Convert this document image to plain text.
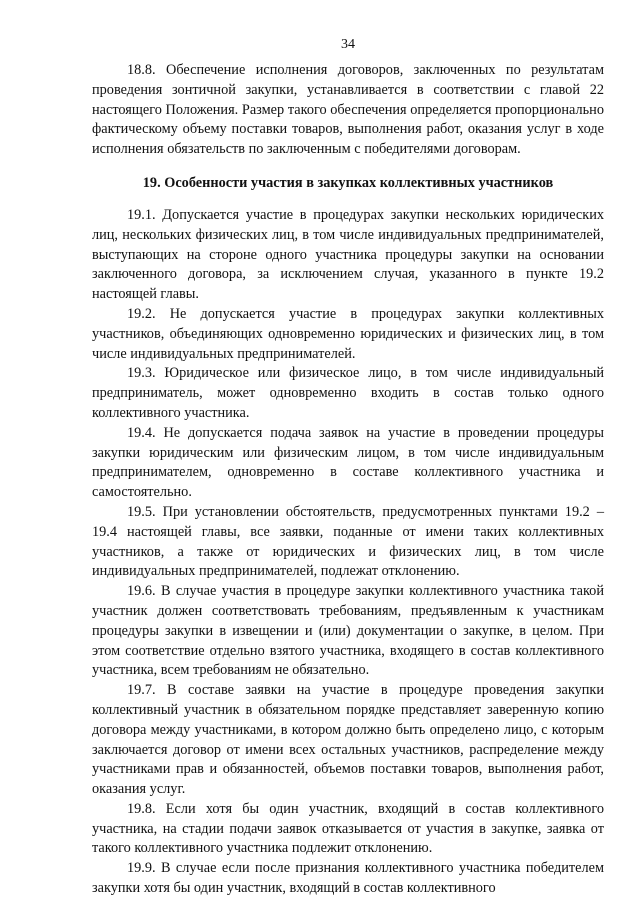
34

18.8. Обеспечение исполнения договоров, заключенных по результатам проведения зонтичной закупки, устанавливается в соответствии с главой 22 настоящего Положения. Размер такого обеспечения определяется пропорционально фактическому объему поставки товаров, выполнения работ, оказания услуг в ходе исполнения обязательств по заключенным с победителями договорам.

19. Особенности участия в закупках коллективных участников

19.1. Допускается участие в процедурах закупки нескольких юридических лиц, нескольких физических лиц, в том числе индивидуальных предпринимателей, выступающих на стороне одного участника процедуры закупки на основании заключенного договора, за исключением случая, указанного в пункте 19.2 настоящей главы.

19.2. Не допускается участие в процедурах закупки коллективных участников, объединяющих одновременно юридических и физических лиц, в том числе индивидуальных предпринимателей.

19.3. Юридическое или физическое лицо, в том числе индивидуальный предприниматель, может одновременно входить в состав только одного коллективного участника.

19.4. Не допускается подача заявок на участие в проведении процедуры закупки юридическим или физическим лицом, в том числе индивидуальным предпринимателем, одновременно в составе коллективного участника и самостоятельно.

19.5. При установлении обстоятельств, предусмотренных пунктами 19.2 – 19.4 настоящей главы, все заявки, поданные от имени таких коллективных участников, а также от юридических и физических лиц, в том числе индивидуальных предпринимателей, подлежат отклонению.

19.6. В случае участия в процедуре закупки коллективного участника такой участник должен соответствовать требованиям, предъявленным к участникам процедуры закупки в извещении и (или) документации о закупке, в целом. При этом соответствие отдельно взятого участника, входящего в состав коллективного участника, всем требованиям не обязательно.

19.7. В составе заявки на участие в процедуре проведения закупки коллективный участник в обязательном порядке представляет заверенную копию договора между участниками, в котором должно быть определено лицо, с которым заключается договор от имени всех остальных участников, распределение между участниками прав и обязанностей, объемов поставки товаров, выполнения работ, оказания услуг.

19.8. Если хотя бы один участник, входящий в состав коллективного участника, на стадии подачи заявок отказывается от участия в закупке, заявка от такого коллективного участника подлежит отклонению.

19.9. В случае если после признания коллективного участника победителем закупки хотя бы один участник, входящий в состав коллективного
